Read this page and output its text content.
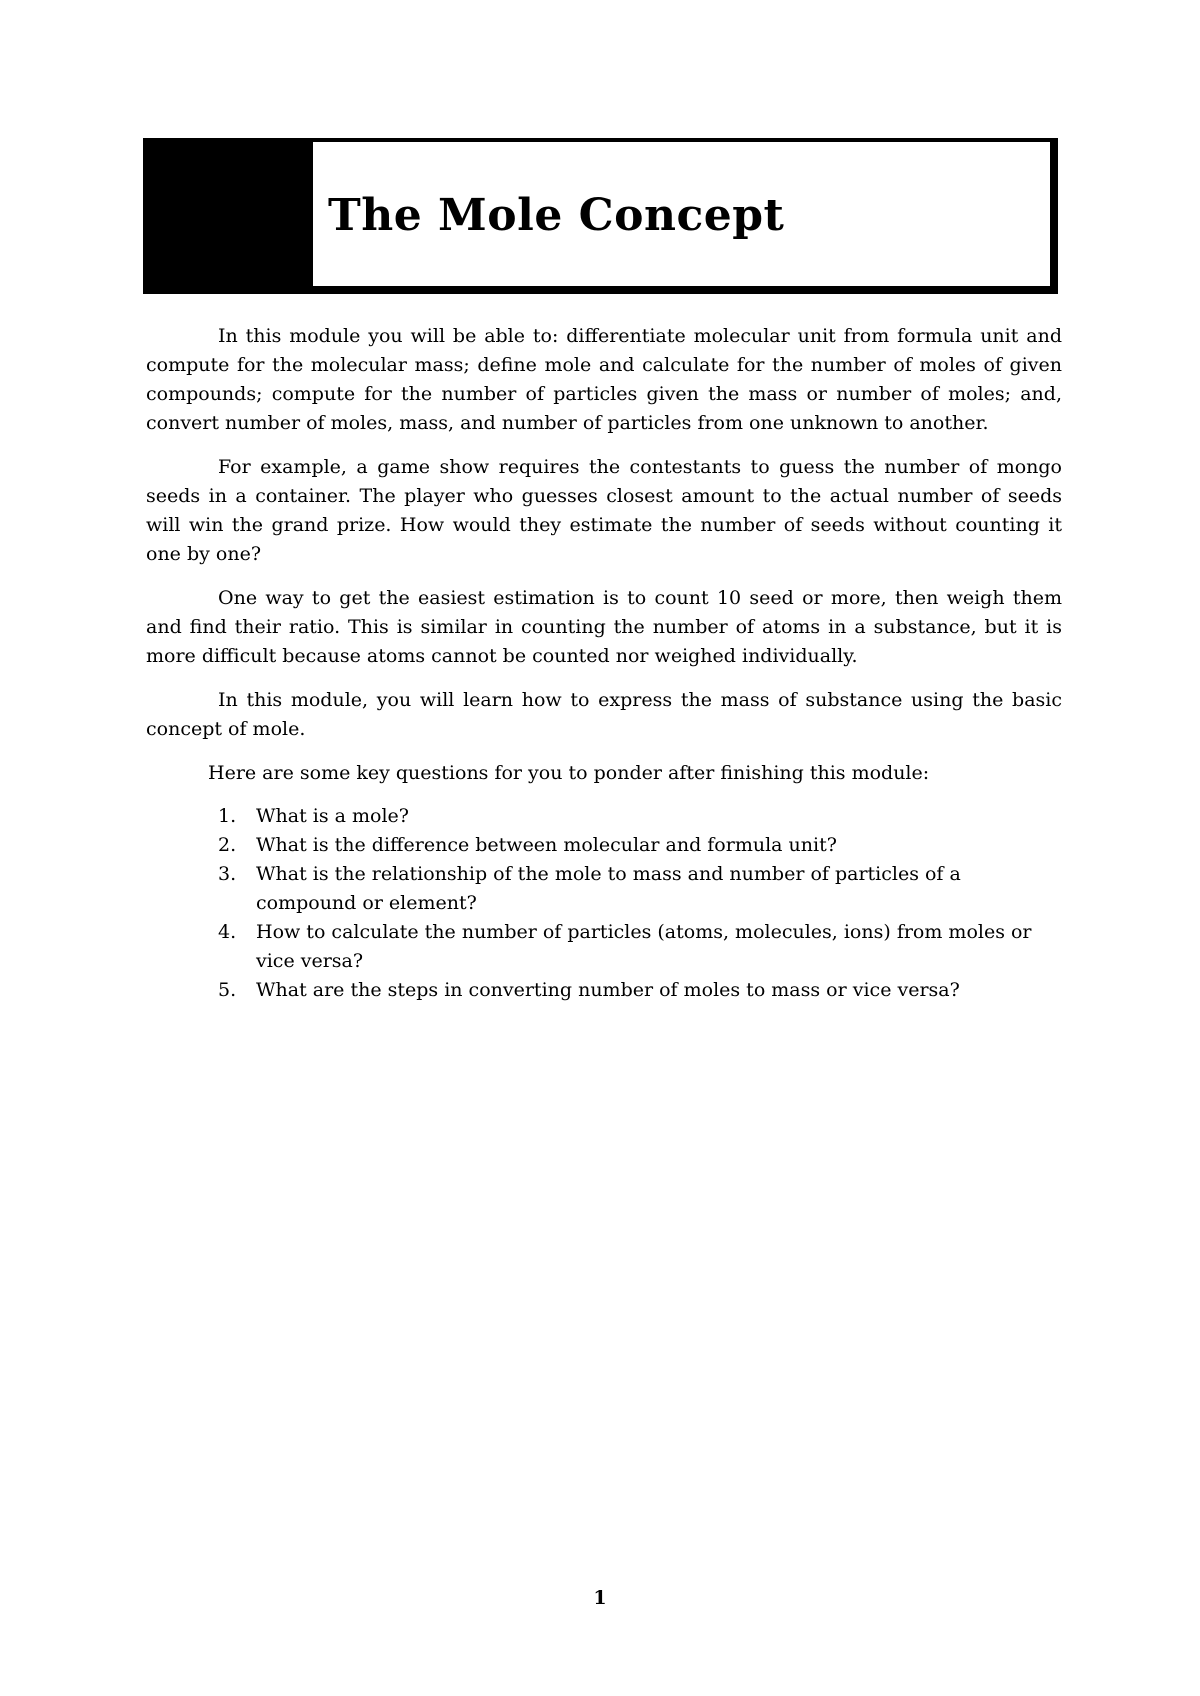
The Mole Concept

In this module you will be able to: differentiate molecular unit from formula unit and compute for the molecular mass; define mole and calculate for the number of moles of given compounds; compute for the number of particles given the mass or number of moles; and, convert number of moles, mass, and number of particles from one unknown to another.

For example, a game show requires the contestants to guess the number of mongo seeds in a container. The player who guesses closest amount to the actual number of seeds will win the grand prize. How would they estimate the number of seeds without counting it one by one?

One way to get the easiest estimation is to count 10 seed or more, then weigh them and find their ratio. This is similar in counting the number of atoms in a substance, but it is more difficult because atoms cannot be counted nor weighed individually.

In this module, you will learn how to express the mass of substance using the basic concept of mole.

Here are some key questions for you to ponder after finishing this module:

1. What is a mole?
2. What is the difference between molecular and formula unit?
3. What is the relationship of the mole to mass and number of particles of a compound or element?
4. How to calculate the number of particles (atoms, molecules, ions) from moles or vice versa?
5. What are the steps in converting number of moles to mass or vice versa?
1
